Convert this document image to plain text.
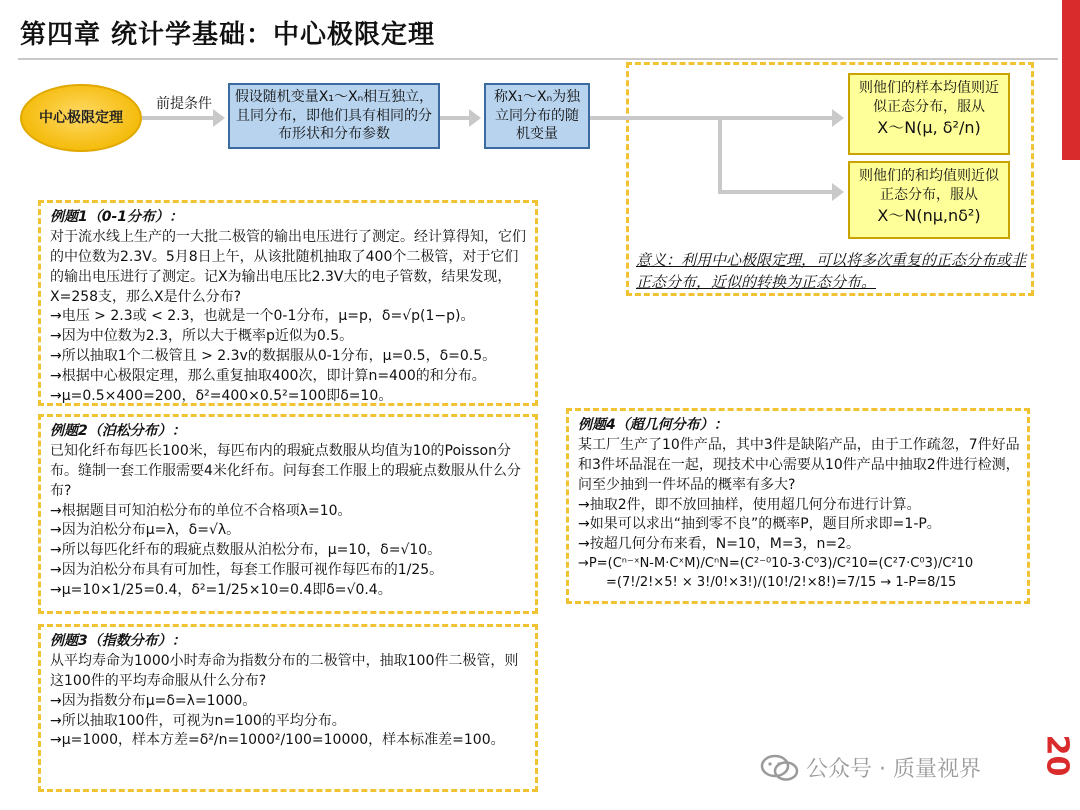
第四章 统计学基础：中心极限定理
中心极限定理
前提条件	假设随机变量X₁～Xₙ相互独立，且同分布，即他们具有相同的分布形状和分布参数
称X₁～Xₙ为独立同分布的随机变量
则他们的样本均值则近似正态分布，服从
X～N(μ, δ²/n)
则他们的和均值则近似正态分布，服从
X～N(nμ,nδ²)
意义：利用中心极限定理，可以将多次重复的正态分布或非正态分布，近似的转换为正态分布。
例题1（0-1分布）：

对于流水线上生产的一大批二极管的输出电压进行了测定。经计算得知，它们的中位数为2.3V。5月8日上午，从该批随机抽取了400个二极管，对于它们的输出电压进行了测定。记X为输出电压比2.3V大的电子管数，结果发现，X=258支，那么X是什么分布?

→电压 > 2.3或 < 2.3，也就是一个0-1分布，μ=p，δ=√p(1−p)。

→因为中位数为2.3，所以大于概率p近似为0.5。

→所以抽取1个二极管且 > 2.3v的数据服从0-1分布，μ=0.5，δ=0.5。

→根据中心极限定理，那么重复抽取400次，即计算n=400的和分布。

→μ=0.5×400=200，δ²=400×0.5²=100即δ=10。

例题2（泊松分布）：

已知化纤布每匹长100米，每匹布内的瑕疵点数服从均值为10的Poisson分布。缝制一套工作服需要4米化纤布。问每套工作服上的瑕疵点数服从什么分布?

→根据题目可知泊松分布的单位不合格项λ=10。

→因为泊松分布μ=λ，δ=√λ。

→所以每匹化纤布的瑕疵点数服从泊松分布，μ=10，δ=√10。

→因为泊松分布具有可加性，每套工作服可视作每匹布的1/25。

→μ=10×1/25=0.4，δ²=1/25×10=0.4即δ=√0.4。

例题3（指数分布）：

从平均寿命为1000小时寿命为指数分布的二极管中，抽取100件二极管，则这100件的平均寿命服从什么分布?

→因为指数分布μ=δ=λ=1000。

→所以抽取100件，可视为n=100的平均分布。

→μ=1000，样本方差=δ²/n=1000²/100=10000，样本标准差=100。

例题4（超几何分布）：

某工厂生产了10件产品，其中3件是缺陷产品，由于工作疏忽，7件好品和3件坏品混在一起，现技术中心需要从10件产品中抽取2件进行检测，问至少抽到一件坏品的概率有多大?

→抽取2件，即不放回抽样，使用超几何分布进行计算。

→如果可以求出“抽到零不良”的概率P，题目所求即=1-P。

→按超几何分布来看，N=10，M=3，n=2。

→P=(Cⁿ⁻ˣN-M·CˣM)/CⁿN=(C²⁻⁰10-3·C⁰3)/C²10=(C²7·C⁰3)/C²10

=(7!/2!×5! × 3!/0!×3!)/(10!/2!×8!)=7/15 → 1-P=8/15

公众号 · 质量视界 20
